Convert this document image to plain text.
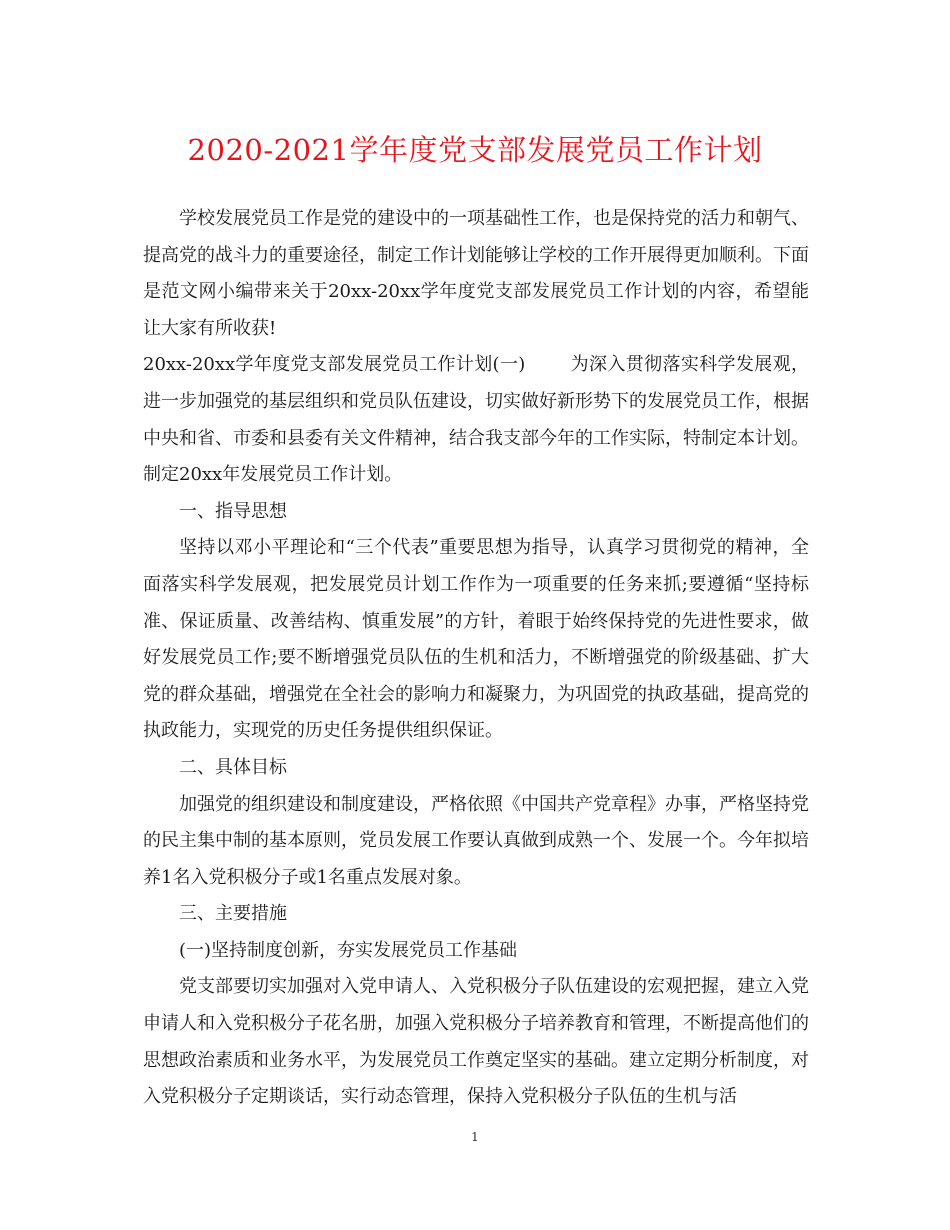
2020-2021学年度党支部发展党员工作计划

学校发展党员工作是党的建设中的一项基础性工作，也是保持党的活力和朝气、提高党的战斗力的重要途径，制定工作计划能够让学校的工作开展得更加顺利。下面是范文网小编带来关于20xx-20xx学年度党支部发展党员工作计划的内容，希望能让大家有所收获!

20xx-20xx学年度党支部发展党员工作计划(一)	为深入贯彻落实科学发展观，进一步加强党的基层组织和党员队伍建设，切实做好新形势下的发展党员工作，根据中央和省、市委和县委有关文件精神，结合我支部今年的工作实际，特制定本计划。制定20xx年发展党员工作计划。

一、指导思想

坚持以邓小平理论和“三个代表”重要思想为指导，认真学习贯彻党的精神，全面落实科学发展观，把发展党员计划工作作为一项重要的任务来抓;要遵循“坚持标准、保证质量、改善结构、慎重发展”的方针，着眼于始终保持党的先进性要求，做好发展党员工作;要不断增强党员队伍的生机和活力，不断增强党的阶级基础、扩大党的群众基础，增强党在全社会的影响力和凝聚力，为巩固党的执政基础，提高党的执政能力，实现党的历史任务提供组织保证。

二、具体目标

加强党的组织建设和制度建设，严格依照《中国共产党章程》办事，严格坚持党的民主集中制的基本原则，党员发展工作要认真做到成熟一个、发展一个。今年拟培养1名入党积极分子或1名重点发展对象。

三、主要措施

(一)坚持制度创新，夯实发展党员工作基础

党支部要切实加强对入党申请人、入党积极分子队伍建设的宏观把握，建立入党申请人和入党积极分子花名册，加强入党积极分子培养教育和管理，不断提高他们的思想政治素质和业务水平，为发展党员工作奠定坚实的基础。建立定期分析制度，对入党积极分子定期谈话，实行动态管理，保持入党积极分子队伍的生机与活

1
